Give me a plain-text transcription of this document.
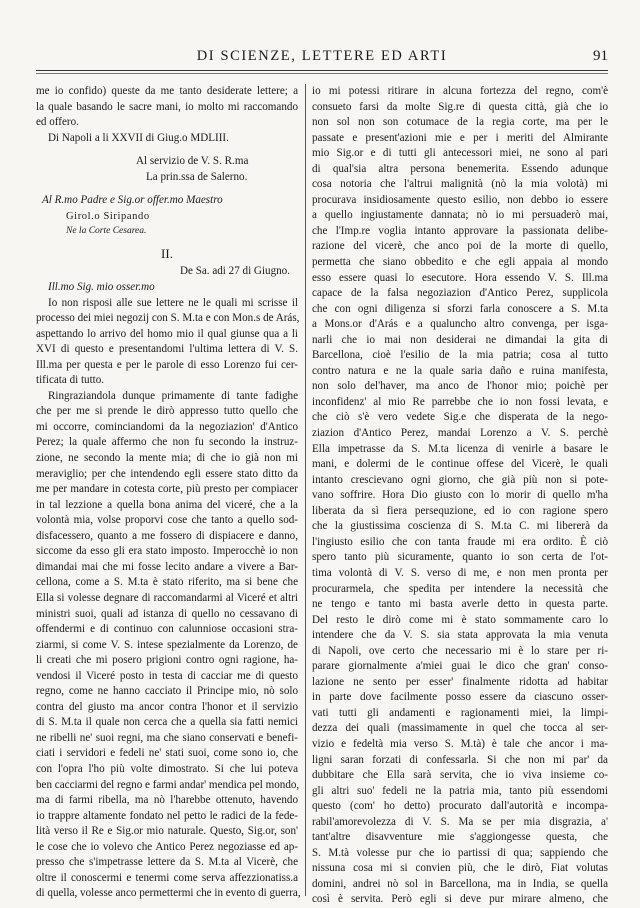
DI SCIENZE, LETTERE ED ARTI	91
me io confido) queste da me tanto desiderate lettere; a
la quale basando le sacre mani, io molto mi raccomando
ed offero.
Di Napoli a li XXVII di Giug.o MDLIII.
Al servizio de V. S. R.ma
La prin.ssa de Salerno.
Al R.mo Padre e Sig.or offer.mo Maestro
Girol.o Siripando
Ne la Corte Cesarea.
II.
De Sa. adi 27 di Giugno.
Ill.mo Sig. mio osser.mo
Io non risposi alle sue lettere ne le quali mi scrisse il
processo dei miei negozij con S. M.ta e con Mon.s de Arás,
aspettando lo arrivo del homo mio il qual giunse qua a li
XVI di questo e presentandomi l'ultima lettera di V. S.
Ill.ma per questa e per le parole di esso Lorenzo fui cer-
tificata di tutto.
Ringraziandola dunque primamente di tante fadighe
che per me si prende le dirò appresso tutto quello che
mi occorre, cominciandomi da la negoziazion' d'Antico
Perez; la quale affermo che non fu secondo la instruz-
zione, ne secondo la mente mia; di che io già non mi
meraviglio; per che intendendo egli essere stato ditto da
me per mandare in cotesta corte, più presto per compiacer
in tal lezzione a quella bona anima del viceré, che a la
volontà mia, volse proporvi cose che tanto a quello sod-
disfacessero, quanto a me fossero di dispiacere e danno,
siccome da esso gli era stato imposto. Imperocchè io non
dimandai mai che mi fosse lecito andare a vivere a Bar-
cellona, come a S. M.ta è stato riferito, ma si bene che
Ella si volesse degnare di raccomandarmi al Viceré et altri
ministri suoi, quali ad istanza di quello no cessavano di
offendermi e di continuo con calunniose occasioni stra-
ziarmi, si come V. S. intese spezialmente da Lorenzo, de
li creati che mi posero prigioni contro ogni ragione, ha-
vendosi il Viceré posto in testa di cacciar me di questo
regno, come ne hanno cacciato il Principe mio, nò solo
contra del giusto ma ancor contra l'honor et il servizio
di S. M.ta il quale non cerca che a quella sia fatti nemici
ne ribelli ne' suoi regni, ma che siano conservati e benefi-
ciati i servidori e fedeli ne' stati suoi, come sono io, che
con l'opra l'ho più volte dimostrato. Si che lui poteva
ben cacciarmi del regno e farmi andar' mendica pel mondo,
ma di farmi ribella, ma nò l'harebbe ottenuto, havendo
io trappre altamente fondato nel petto le radici de la fede-
lità verso il Re e Sig.or mio naturale. Questo, Sig.or, son'
le cose che io volevo che Antico Perez negoziasse ed ap-
presso che s'impetrasse lettere da S. M.ta al Vicerè, che
oltre il conoscermi e tenermi come serva affezzionatiss.a
di quella, volesse anco permettermi che in evento di guerra,
io mi potessi ritirare in alcuna fortezza del regno, com'è
consueto farsi da molte Sig.re di questa città, già che io
non sol non son cotumace de la regia corte, ma per le
passate e present'azioni mie e per i meriti del Almirante
mio Sig.or e di tutti gli antecessori miei, ne sono al pari
di qual'sia altra persona benemerita. Essendo adunque
cosa notoria che l'altrui malignità (nò la mia volotà) mi
procurava insidiosamente questo esilio, non debbo io essere
a quello ingiustamente dannata; nò io mi persuaderò mai,
che l'Imp.re voglia intanto approvare la passionata delibe-
razione del vicerè, che anco poi de la morte di quello,
permetta che siano obbedito e che egli appaia al mondo
esso essere quasi lo esecutore. Hora essendo V. S. Ill.ma
capace de la falsa negoziazion d'Antico Perez, supplicola
che con ogni diligenza si sforzi farla conoscere a S. M.ta
a Mons.or d'Arás e a qualuncho altro convenga, per isga-
narli che io mai non desiderai ne dimandai la gita di
Barcellona, cioè l'esilio de la mia patria; cosa al tutto
contro natura e ne la quale saria daño e ruina manifesta,
non solo del'haver, ma anco de l'honor mio; poichè per
inconfidenz' al mio Re parrebbe che io non fossi levata, e
che ciò s'è vero vedete Sig.e che disperata de la nego-
ziazion d'Antico Perez, mandai Lorenzo a V. S. perchè
Ella impetrasse da S. M.ta licenza di venirle a basare le
mani, e dolermi de le continue offese del Vicerè, le quali
intanto crescievano ogni giorno, che già più non si pote-
vano soffrire. Hora Dio giusto con lo morir di quello m'ha
liberata da sì fiera persequzione, ed io con ragione spero
che la giustissima coscienza di S. M.ta C. mi libererà da
l'ingiusto esilio che con tanta fraude mi era ordito. È ciò
spero tanto più sicuramente, quanto io son certa de l'ot-
tima volontà di V. S. verso di me, e non men pronta per
procurarmela, che spedita per intendere la necessità che
ne tengo e tanto mi basta averle detto in questa parte.
Del resto le dirò come mi è stato sommamente caro lo
intendere che da V. S. sia stata approvata la mia venuta
di Napoli, ove certo che necessario mi è lo stare per ri-
parare giornalmente a'miei guai le dico che gran' conso-
lazione ne sento per esser' finalmente ridotta ad habitar
in parte dove facilmente posso essere da ciascuno osser-
vati tutti gli andamenti e ragionamenti miei, la limpi-
dezza dei quali (massimamente in quel che tocca al ser-
vizio e fedeltà mia verso S. M.tà) è tale che ancor i ma-
ligni saran forzati di confessarla. Si che non mi par' da
dubbitare che Ella sarà servita, che io viva insieme co-
gli altri suo' fedeli ne la patria mia, tanto più essendomi
questo (com' ho detto) procurato dall'autorità e incompa-
rabil'amorevolezza di V. S. Ma se per mia disgrazia, a'
tant'altre disavventure mie s'aggiongesse questa, che
S. M.tà volesse pur che io partissi di qua; sappiendo che
nissuna cosa mi si convien più, che le dirò, Fiat volutas
domini, andrei nò sol in Barcellona, ma in India, se quella
così è servita. Però egli si deve pur mirare almeno, che
